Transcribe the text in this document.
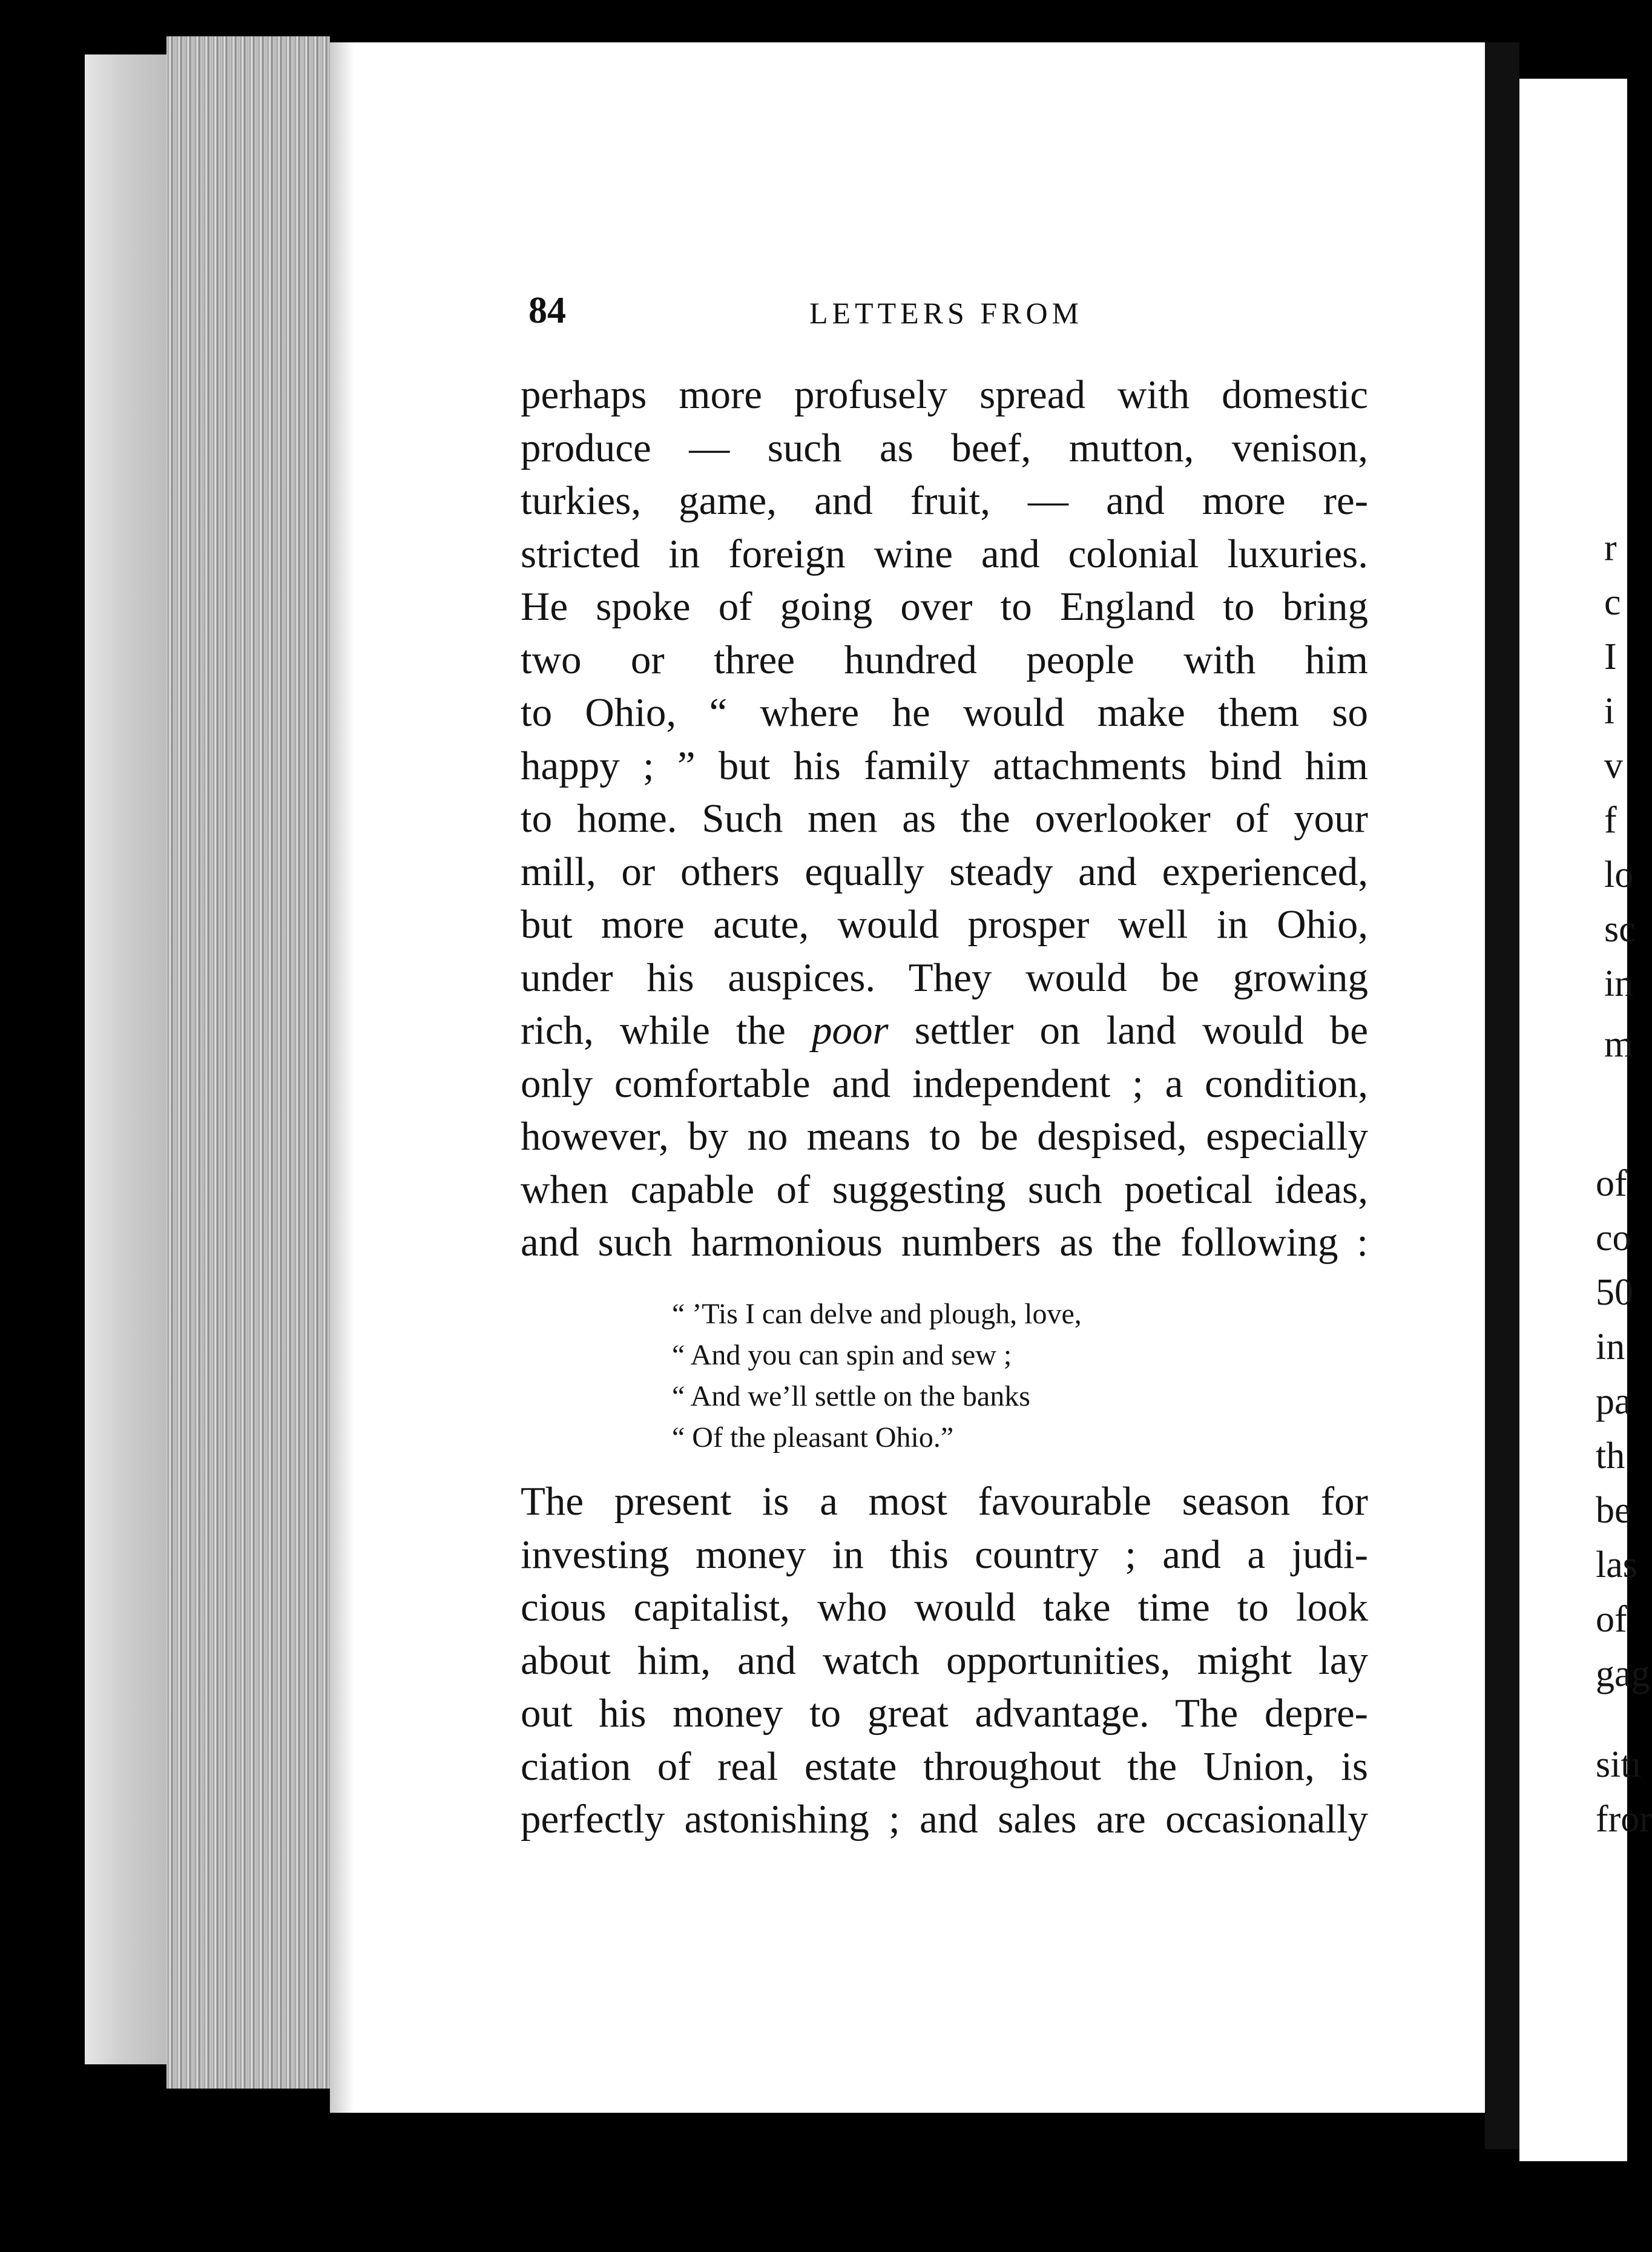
r
c
I
i
v
f
lo
sc
in
m
of
co
50
in
pa
th
be
las
of
gag
sitı
fror
84	LETTERS FROM
perhaps more profusely spread with domestic
produce — such as beef, mutton, venison,
turkies, game, and fruit, — and more re-
stricted in foreign wine and colonial luxuries.
He spoke of going over to England to bring
two or three hundred people with him
to Ohio, “ where he would make them so
happy ; ” but his family attachments bind him
to home. Such men as the overlooker of your
mill, or others equally steady and experienced,
but more acute, would prosper well in Ohio,
under his auspices. They would be growing
rich, while the poor settler on land would be
only comfortable and independent ; a condition,
however, by no means to be despised, especially
when capable of suggesting such poetical ideas,
and such harmonious numbers as the following :
“ ’Tis I can delve and plough, love,
“ And you can spin and sew ;
“ And we’ll settle on the banks
“ Of the pleasant Ohio.”
The present is a most favourable season for
investing money in this country ; and a judi-
cious capitalist, who would take time to look
about him, and watch opportunities, might lay
out his money to great advantage. The depre-
ciation of real estate throughout the Union, is
perfectly astonishing ; and sales are occasionally
